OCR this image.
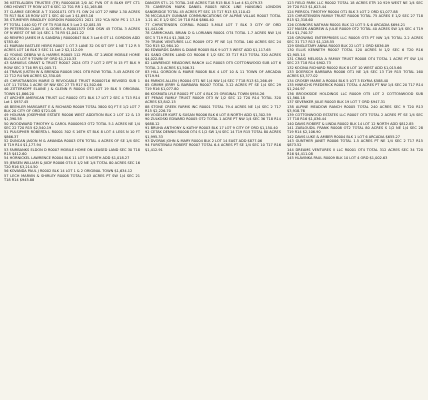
36 KETELALDEN TRUSTEE (TR) R0000018 2/0 AC FVN OT 8 BLK9 EPT CT1 ORD HOWST 7F ROW LOT 6 SEC 12 T01 RR 1 $1,165.88

37 CLARKE GEORGE A T 31001071 OT5 F1 OW 24 LOT 27 NBW 1.30 ACRES T5 R17 BLK 18 ROW LOT 1 SEC 40 Lot 1 $1,693.16

38 STUMEYER BRADLEY GORDON R0000251 2021 152 YCA NOV PS 1 17-19 PT TOTAL 1440 SQ FT OF T5 R18 BLK 5 Lot 2 $2,081.55

39 PETERSON CLAIR E & DORIS A R0001573 OSB OSW 45 TOTAL 3 ACRES OF N WEST OT NE 1/4 SEC 1 T4 R5 $1,041.22

40 RENFRO JAMES M & SANDRA J R0000847 BLK 3 Lot 6 OT L1 GORDON ADD $783.40

41 MARIAN EASTLEE HEIRS R0007 1 OT 3 LANE 32 OS SIT OFF 1 NE T 12 R 5 ACRES LOT 16 BLK 3 SEC 11 Lot 2 $2,112.09

42 YOUNG DEBRA W & HARRIS R0005 112 PEARL ST 2-WIDE MOBILE HOME BLOCK 4 LOT 9 TOWN OF ORD $1,210.33

43 SAMUELS GRANT & TRUST R0007 2024 OT3 7 LOT 2 EPT N 15 FT BLK 9 ROW SEC 3 T16 RR $1,005.71

44 TRAVIS JUSTIN W & BRENDA R0008 1901 OT8 ROW TOTAL 3.45 ACRES OF 12 T12 R4 W6 ACRES $2,330.08

45 CHRISTIANSON MARIE D REVOCABLE TRUST R0000716 REVISED SUB 1 LOT 11 TOTAL 1 ACRE OF NW SEC 27 T5 R17 $1,502.66

46 ZITTERKOPF ELAINE J & GLENN R R0004 OT3 LOT 19 BLK 5 ORIGINAL TOWN $1,866.20

47 ARCHER AMERICAN TRUST LLC R0002 OT1 BLK 17 LOT 2 SEC 4 T13 R14 Lot 1 $937.45

48 BEEHLER MARGARET E & RICHARD R0009 TOTAL 3800 SQ FT E 1/2 LOT 7 BLK 20 CITY OF ORD $721.08

49 HOLMAN JOSEPHINE ESTATE R0006 WEST ADDITION BLK 2 LOT 12 & 13 $1,390.55

50 WOODWARD TIMOTHY & CAROL R0000913 OT2 TOTAL 5.1 ACRES NE 1/4 SEC 22 T20 R15 $2,540.19

51 PULSIPHER ROBERTA L R0001 302 S 16TH ST BLK 8 LOT 4 LESS N 10 FT $866.37

52 DUNCAN JASON M & AMANDA R0003 OT6 TOTAL 4 ACRES OF SE 1/4 SEC 8 T19 R14 $1,177.94

53 FAIRBANKS ELDON D R0007 MOBILE HOME ON LEASED LAND SEC 30 T18 R15 $412.60

54 HORNICKEL LAWRENCE R0004 BLK 11 LOT 5 NORTH ADD $1,018.27

55 JENSEN WILLIAM & JUDY R0006 OT4 E 1/2 NE 1/4 TOTAL 80 ACRES SEC 16 T20 R16 $3,214.50

56 KOVANDA PAUL J R0002 BLK 14 LOT 1 & 2 ORIGINAL TOWN $1,634.12

57 LECH MARVIN & SHIRLEY R0008 TOTAL 2.03 ACRES PT SW 1/4 SEC 21 T18 R14 $945.88

DANCER ST L 21 TOTAL 24E ACRES T18 R15 BLK 3 Lot 4 $1,079.33

75 CAMERON MARK DANIEL R0003 NECK LINE HANGING LONDON SANDRIDGE TOTAL 45 ACRES PT SEC 15 T17 R13 $3,110.42

76 MCCAULEY GUNNAR COMMUNICATIONS OF ALPINE VILLAS R0007 TOTAL 1.21 AC E 1/2 SEC 19 T18 R16 $860.40

77 CHRISTENSEN CORRAL R0002 5-MILE LOT 7 BLK 3 CITY OF ORD $1,441.06

78 CARMICHAEL BRIAN D & LORIANN R0001 OT4 TOTAL 1.7 ACRES NW 1/4 SEC 5 T19 R14 $1,308.22

79 TRUNK VENTURES LLC R0009 OT2 PT NE 1/4 TOTAL 160 ACRES SEC 24 T20 R15 $2,984.10

80 EDWARDS DARIN & DIANE R0005 BLK 9 LOT 3 WEST ADD $1,117.65

81 SAND CREEK LAND CO R0006 E 1/2 SEC 33 T17 R13 TOTAL 320 ACRES $4,022.88

82 LAWRENCE MEADOWS RANCH LLC R0003 OT5 COTTONWOOD SUB LOT 6 TOTAL 2.5 ACRES $1,506.31

83 HILL GORDON & MARIE R0008 BLK 4 LOT 10 & 11 TOWN OF ARCADIA $719.94

84 PARKOS ALLEN J R0004 OT1 NE 1/4 NW 1/4 SEC 7 T18 R13 $1,266.49

85 GRIMM JERRY & BARBARA R0007 TOTAL 3.12 ACRES PT SE 1/4 SEC 29 T19 R16 $1,077.80

86 KOSMATA LYLE R0002 PT LOT 4 BLK 25 ORIGINAL TOWN $954.26

87 PENAS FAMILY TRUST R0009 OT3 W 1/2 SEC 12 T20 R14 TOTAL 320 ACRES $3,842.15

88 STONE CREEK FARMS INC R0001 TOTAL 79.4 ACRES NE 1/4 SEC 2 T17 R15 $2,226.70

89 VOGELER KURT & SUSAN R0006 BLK 6 LOT 8 NORTH ADD $1,302.59

90 ZULKOSKI EDWARD R0005 OT2 TOTAL 1 ACRE PT NW 1/4 SEC 36 T18 R14 $688.12

91 BRUHA ANTHONY & KATHY R0003 BLK 17 LOT 9 CITY OF ORD $1,150.40

92 CETAK DENNIS R0008 OT4 S 1/2 SW 1/4 SEC 14 T19 R15 TOTAL 80 ACRES $1,995.33

93 DVORAK JOHN & MARY R0004 BLK 2 LOT 14 EAST ADD $877.06

94 FURSTENAU ROBERT R0007 TOTAL 6.4 ACRES PT SE 1/4 SEC 10 T17 R16 $1,412.91

123 FIELD PARK LLC R0002 TOTAL 18 ACRES ETR 10 929 WEST NE 1/4 SEC 19 T20 R13 $1,623.44

124 PIERSOL TIMOTHY R0004 OT1 BLK 3 LOT 2 ORD $1,077.88

125 CHRISTENSEN FAMILY TRUST R0006 TOTAL 75 ACRES E 1/2 SEC 27 T18 R15 $2,318.60

126 CONNORS NATHAN R0001 BLK 12 LOT 5 & 6 ARCADIA $694.21

127 MASEK ANDREW & JULIE R0009 OT2 TOTAL 40 ACRES SW 1/4 SEC 4 T19 R14 $1,740.37

128 GROWING ENTERPRISES LLC R0005 OT3 PT NW 1/4 TOTAL 2.2 ACRES SEC 31 T17 R13 $1,128.55

129 SINGLETARY ANNA R0003 BLK 22 LOT 1 ORD $836.09

130 ELLIS KENNETH R0007 TOTAL 120 ACRES N 1/2 SEC 6 T20 R16 $2,905.14

131 CRAIG MELISSA A FAMILY TRUST R0008 OT4 TOTAL 1 ACRE PT SW 1/4 SEC 23 T18 R14 $902.73

132 KOCINA RICHARD R0002 BLK 8 LOT 10 WEST ADD $1,015.66

133 DOERSCH BARBARA R0006 OT1 NE 1/4 SEC 13 T19 R15 TOTAL 160 ACRES $3,377.02

134 CROSBY MARIE A R0004 BLK 5 LOT 3 ELYRIA $588.40

135 HINRICHS FREDERICK R0001 TOTAL 4 ACRES PT NW 1/4 SEC 20 T17 R14 $1,244.97

136 BROOKSIDE HOLDINGS LLC R0009 OT5 LOT 2 COTTONWOOD SUB $1,560.18

137 SEVENKER JULIE R0003 BLK 19 LOT 7 ORD $947.31

138 ALPINE MEADOW RANCH R0005 TOTAL 240 ACRES SEC 9 T20 R13 $3,918.76

139 COTTONWOOD ESTATES LLC R0007 OT3 TOTAL 2 ACRES PT SE 1/4 SEC 17 T18 R16 $1,036.44

140 DAVIS ROBERT & LINDA R0002 BLK 14 LOT 12 NORTH ADD $812.85

141 ZABLOUDIL FRANK R0008 OT2 TOTAL 80 ACRES S 1/2 NE 1/4 SEC 28 T19 R14 $2,106.90

142 DAVIS LUKE & AMBER R0004 BLK 1 LOT 6 ARCADIA $655.27

143 GUNTHER JANET R0006 TOTAL 1.5 ACRES PT NE 1/4 SEC 2 T17 R15 $873.52

144 DREAMS VENTURES II LLC R0001 OT4 TOTAL 312 ACRES SEC 34 T20 R16 $4,411.08

145 HLAVINKA PAUL R0009 BLK 10 LOT 4 ORD $1,002.63
